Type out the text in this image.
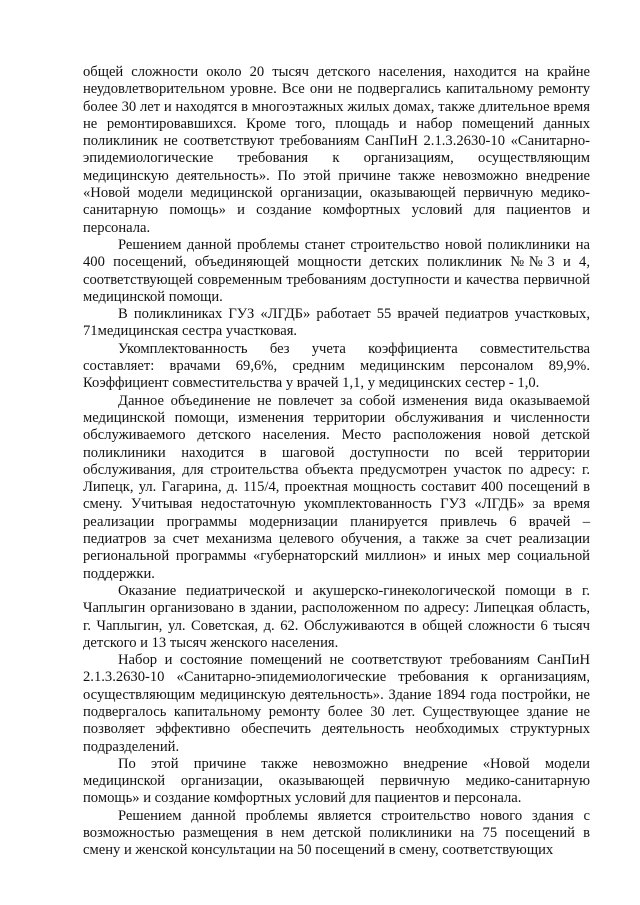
общей сложности около 20 тысяч детского населения, находится на крайне неудовлетворительном уровне. Все они не подвергались капитальному ремонту более 30 лет и находятся в многоэтажных жилых домах, также длительное время не ремонтировавшихся. Кроме того, площадь и набор помещений данных поликлиник не соответствуют требованиям СанПиН 2.1.3.2630-10 «Санитарно-эпидемиологические требования к организациям, осуществляющим медицинскую деятельность». По этой причине также невозможно внедрение «Новой модели медицинской организации, оказывающей первичную медико-санитарную помощь» и создание комфортных условий для пациентов и персонала.

Решением данной проблемы станет строительство новой поликлиники на 400 посещений, объединяющей мощности детских поликлиник №№3 и 4, соответствующей современным требованиям доступности и качества первичной медицинской помощи.

В поликлиниках ГУЗ «ЛГДБ» работает 55 врачей педиатров участковых, 71медицинская сестра участковая.

Укомплектованность без учета коэффициента совместительства составляет: врачами 69,6%, средним медицинским персоналом 89,9%. Коэффициент совместительства у врачей 1,1, у медицинских сестер - 1,0.

Данное объединение не повлечет за собой изменения вида оказываемой медицинской помощи, изменения территории обслуживания и численности обслуживаемого детского населения. Место расположения новой детской поликлиники находится в шаговой доступности по всей территории обслуживания, для строительства объекта предусмотрен участок по адресу: г. Липецк, ул. Гагарина, д. 115/4, проектная мощность составит 400 посещений в смену. Учитывая недостаточную укомплектованность ГУЗ «ЛГДБ» за время реализации программы модернизации планируется привлечь 6 врачей – педиатров за счет механизма целевого обучения, а также за счет реализации региональной программы «губернаторский миллион» и иных мер социальной поддержки.

Оказание педиатрической и акушерско-гинекологической помощи в г. Чаплыгин организовано в здании, расположенном по адресу: Липецкая область, г. Чаплыгин, ул. Советская, д. 62. Обслуживаются в общей сложности 6 тысяч детского и 13 тысяч женского населения.

Набор и состояние помещений не соответствуют требованиям СанПиН 2.1.3.2630-10 «Санитарно-эпидемиологические требования к организациям, осуществляющим медицинскую деятельность». Здание 1894 года постройки, не подвергалось капитальному ремонту более 30 лет. Существующее здание не позволяет эффективно обеспечить деятельность необходимых структурных подразделений.

По этой причине также невозможно внедрение «Новой модели медицинской организации, оказывающей первичную медико-санитарную помощь» и создание комфортных условий для пациентов и персонала.

Решением данной проблемы является строительство нового здания с возможностью размещения в нем детской поликлиники на 75 посещений в смену и женской консультации на 50 посещений в смену, соответствующих
